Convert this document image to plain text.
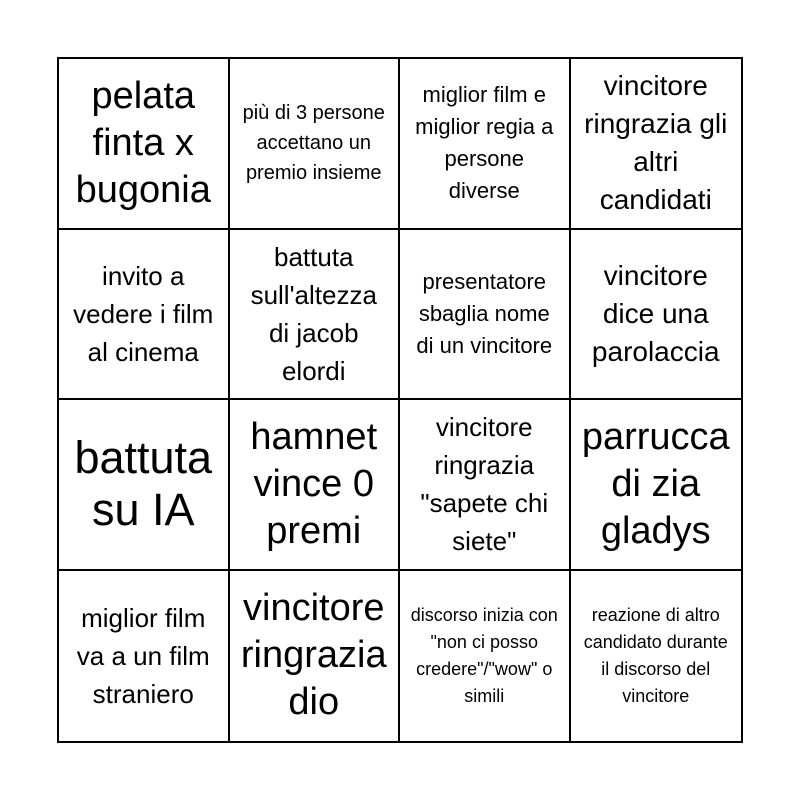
pelata finta x bugonia
più di 3 persone accettano un premio insieme
miglior film e miglior regia a persone diverse
vincitore ringrazia gli altri candidati
invito a vedere i film al cinema
battuta sull'altezza di jacob elordi
presentatore sbaglia nome di un vincitore
vincitore dice una parolaccia
battuta su IA
hamnet vince 0 premi
vincitore ringrazia "sapete chi siete"
parrucca di zia gladys
miglior film va a un film straniero
vincitore ringrazia dio
discorso inizia con "non ci posso credere"/"wow" o simili
reazione di altro candidato durante il discorso del vincitore
